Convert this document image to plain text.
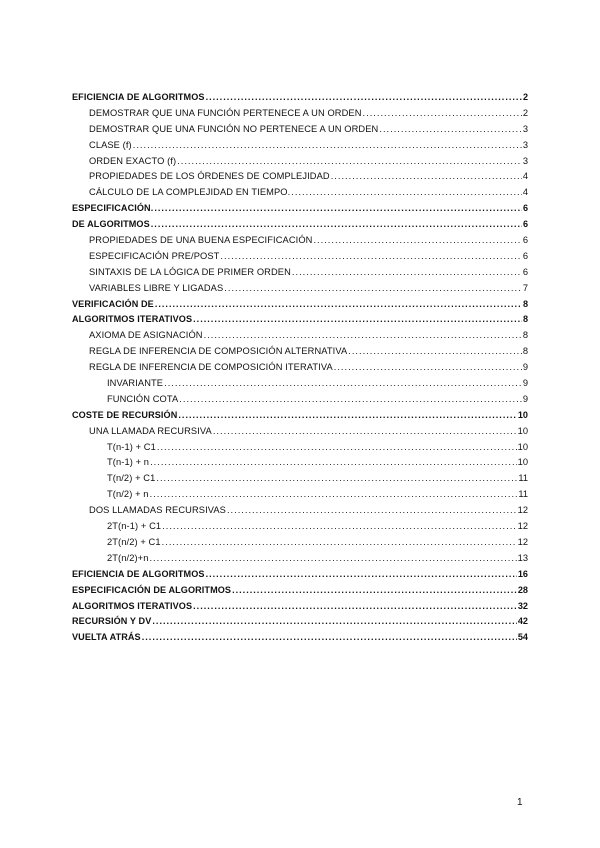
EFICIENCIA DE ALGORITMOS .....	2
DEMOSTRAR QUE UNA FUNCIÓN PERTENECE A UN ORDEN .....	2
DEMOSTRAR QUE UNA FUNCIÓN NO PERTENECE A UN ORDEN .....	3
CLASE (f) .....	3
ORDEN EXACTO (f) .....	3
PROPIEDADES DE LOS ÓRDENES DE COMPLEJIDAD .....	4
CÁLCULO DE LA COMPLEJIDAD EN TIEMPO. .....	4
ESPECIFICACIÓN. .....	6
DE ALGORITMOS .....	6
PROPIEDADES DE UNA BUENA ESPECIFICACIÓN .....	6
ESPECIFICACIÓN PRE/POST .....	6
SINTAXIS DE LA LÓGICA DE PRIMER ORDEN .....	6
VARIABLES LIBRE Y LIGADAS .....	7
VERIFICACIÓN DE .....	8
ALGORITMOS ITERATIVOS .....	8
AXIOMA DE ASIGNACIÓN .....	8
REGLA DE INFERENCIA DE COMPOSICIÓN ALTERNATIVA .....	8
REGLA DE INFERENCIA DE COMPOSICIÓN ITERATIVA .....	9
INVARIANTE .....	9
FUNCIÓN COTA .....	9
COSTE DE RECURSIÓN .....	10
UNA LLAMADA RECURSIVA .....	10
T(n-1) + C1 .....	10
T(n-1) + n .....	10
T(n/2) + C1 .....	11
T(n/2) + n .....	11
DOS LLAMADAS RECURSIVAS .....	12
2T(n-1) + C1 .....	12
2T(n/2) + C1 .....	12
2T(n/2)+n .....	13
EFICIENCIA DE ALGORITMOS .....	16
ESPECIFICACIÓN DE ALGORITMOS .....	28
ALGORITMOS ITERATIVOS .....	32
RECURSIÓN Y DV .....	42
VUELTA ATRÁS .....	54
1
